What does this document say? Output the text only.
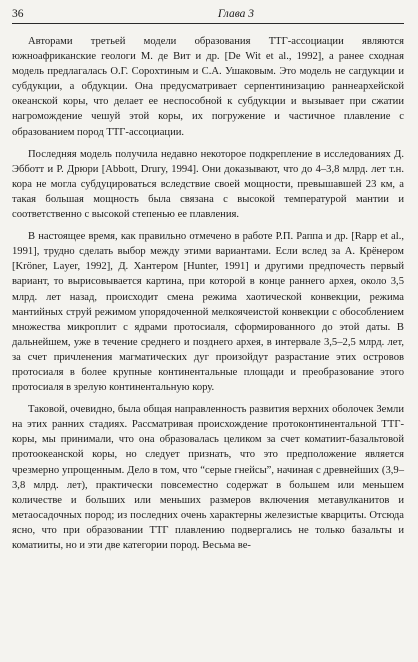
36	Глава 3

Авторами третьей модели образования ТТГ-ассоциации являются южноафриканские геологи М. де Вит и др. [De Wit et al., 1992], а ранее сходная модель предлагалась О.Г. Сорохтиным и С.А. Ушаковым. Это модель не сагдукции и субдукции, а обдукции. Она предусматривает серпентинизацию раннеархейской океанской коры, что делает ее неспособной к субдукции и вызывает при сжатии нагромождение чешуй этой коры, их погружение и частичное плавление с образованием пород ТТГ-ассоциации.

Последняя модель получила недавно некоторое подкрепление в исследованиях Д. Эбботт и Р. Дрюри [Abbott, Drury, 1994]. Они доказывают, что до 4–3,8 млрд. лет т.н. кора не могла субдуцироваться вследствие своей мощности, превышавшей 23 км, а такая большая мощность была связана с высокой температурой мантии и соответственно с высокой степенью ее плавления.

В настоящее время, как правильно отмечено в работе Р.П. Раппа и др. [Rapp et al., 1991], трудно сделать выбор между этими вариантами. Если вслед за А. Крёнером [Kröner, Layer, 1992], Д. Хантером [Hunter, 1991] и другими предпочесть первый вариант, то вырисовывается картина, при которой в конце раннего архея, около 3,5 млрд. лет назад, происходит смена режима хаотической конвекции, режима мантийных струй режимом упорядоченной мелкоячеистой конвекции с обособлением множества микроплит с ядрами протосиаля, сформированного до этой даты. В дальнейшем, уже в течение среднего и позднего архея, в интервале 3,5–2,5 млрд. лет, за счет причленения магматических дуг произойдут разрастание этих островов протосиаля в более крупные континентальные площади и преобразование этого протосиаля в зрелую континентальную кору.

Таковой, очевидно, была общая направленность развития верхних оболочек Земли на этих ранних стадиях. Рассматривая происхождение протоконтинентальной ТТГ-коры, мы принимали, что она образовалась целиком за счет коматиит-базальтовой протоокеанской коры, но следует признать, что это предположение является чрезмерно упрощенным. Дело в том, что “серые гнейсы”, начиная с древнейших (3,9–3,8 млрд. лет), практически повсеместно содержат в большем или меньшем количестве и больших или меньших размеров включения метавулканитов и метаосадочных пород; из последних очень характерны железистые кварциты. Отсюда ясно, что при образовании ТТГ плавлению подвергались не только базальты и коматииты, но и эти две категории пород. Весьма ве-
